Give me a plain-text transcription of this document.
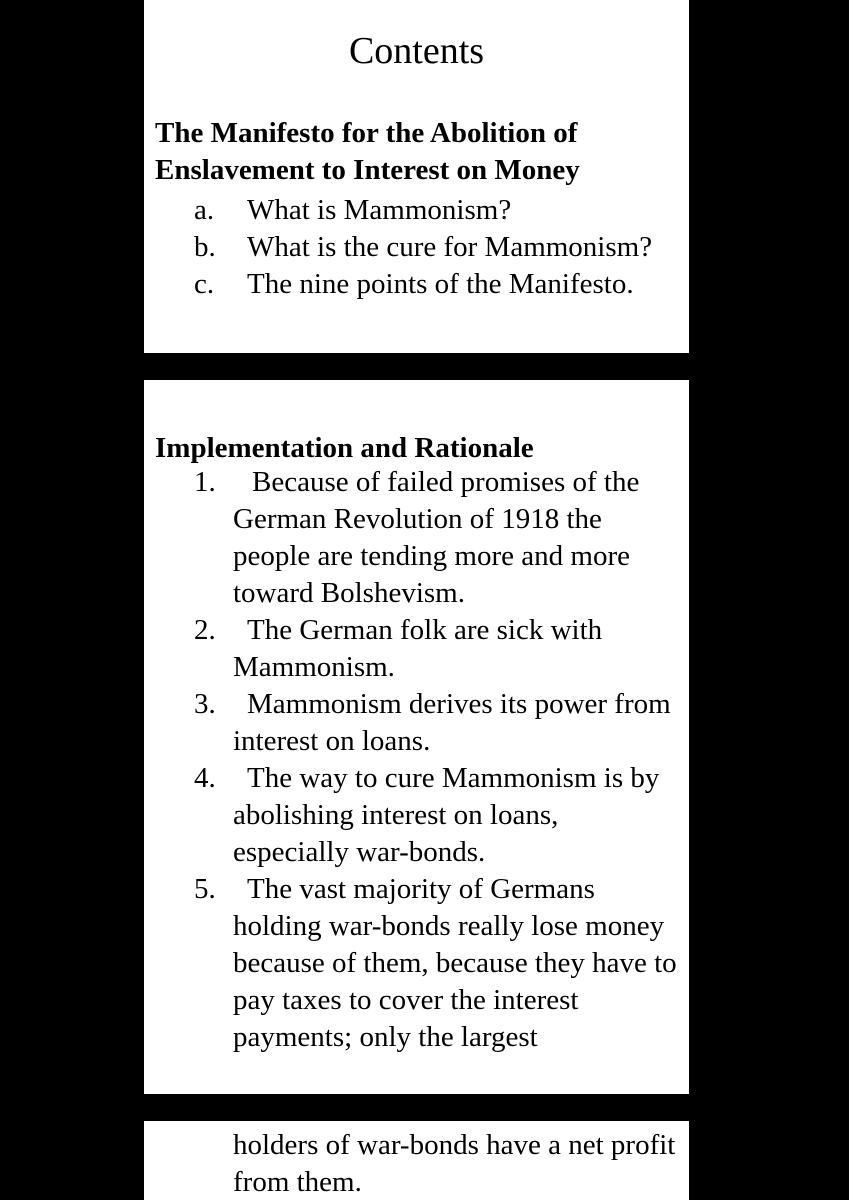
Contents
The Manifesto for the Abolition of
Enslavement to Interest on Money
a. What is Mammonism?
b. What is the cure for Mammonism?
c. The nine points of the Manifesto.
Implementation and Rationale
1. Because of failed promises of the German Revolution of 1918 the people are tending more and more toward Bolshevism.
2. The German folk are sick with Mammonism.
3. Mammonism derives its power from interest on loans.
4. The way to cure Mammonism is by abolishing interest on loans, especially war-bonds.
5. The vast majority of Germans holding war-bonds really lose money because of them, because they have to pay taxes to cover the interest payments; only the largest
holders of war-bonds have a net profit from them.
